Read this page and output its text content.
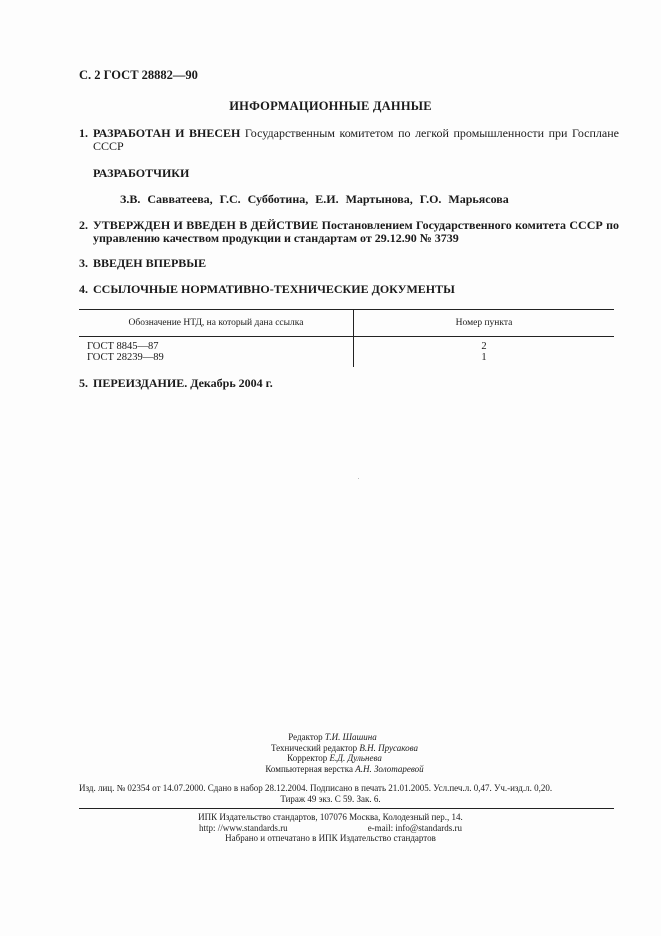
С. 2 ГОСТ 28882—90
ИНФОРМАЦИОННЫЕ ДАННЫЕ
1. РАЗРАБОТАН И ВНЕСЕН Государственным комитетом по легкой промышленности при Госплане СССР
РАЗРАБОТЧИКИ
З.В. Савватеева, Г.С. Субботина, Е.И. Мартынова, Г.О. Марьясова
2. УТВЕРЖДЕН И ВВЕДЕН В ДЕЙСТВИЕ Постановлением Государственного комитета СССР по управлению качеством продукции и стандартам от 29.12.90 № 3739
3. ВВЕДЕН ВПЕРВЫЕ
4. ССЫЛОЧНЫЕ НОРМАТИВНО-ТЕХНИЧЕСКИЕ ДОКУМЕНТЫ
Обозначение НТД, на который дана ссылка	Номер пункта
ГОСТ 8845—87	2
ГОСТ 28239—89	1
5. ПЕРЕИЗДАНИЕ. Декабрь 2004 г.
Редактор Т.И. Шашина
Технический редактор В.Н. Прусакова
Корректор Е.Д. Дульнева
Компьютерная верстка А.Н. Золотаревой
Изд. лиц. № 02354 от 14.07.2000. Сдано в набор 28.12.2004. Подписано в печать 21.01.2005. Усл.печ.л. 0,47. Уч.-изд.л. 0,20.
Тираж 49 экз. С 59. Зак. 6.
ИПК Издательство стандартов, 107076 Москва, Колодезный пер., 14.
http: //www.standards.ru	e-mail: info@standards.ru
Набрано и отпечатано в ИПК Издательство стандартов
